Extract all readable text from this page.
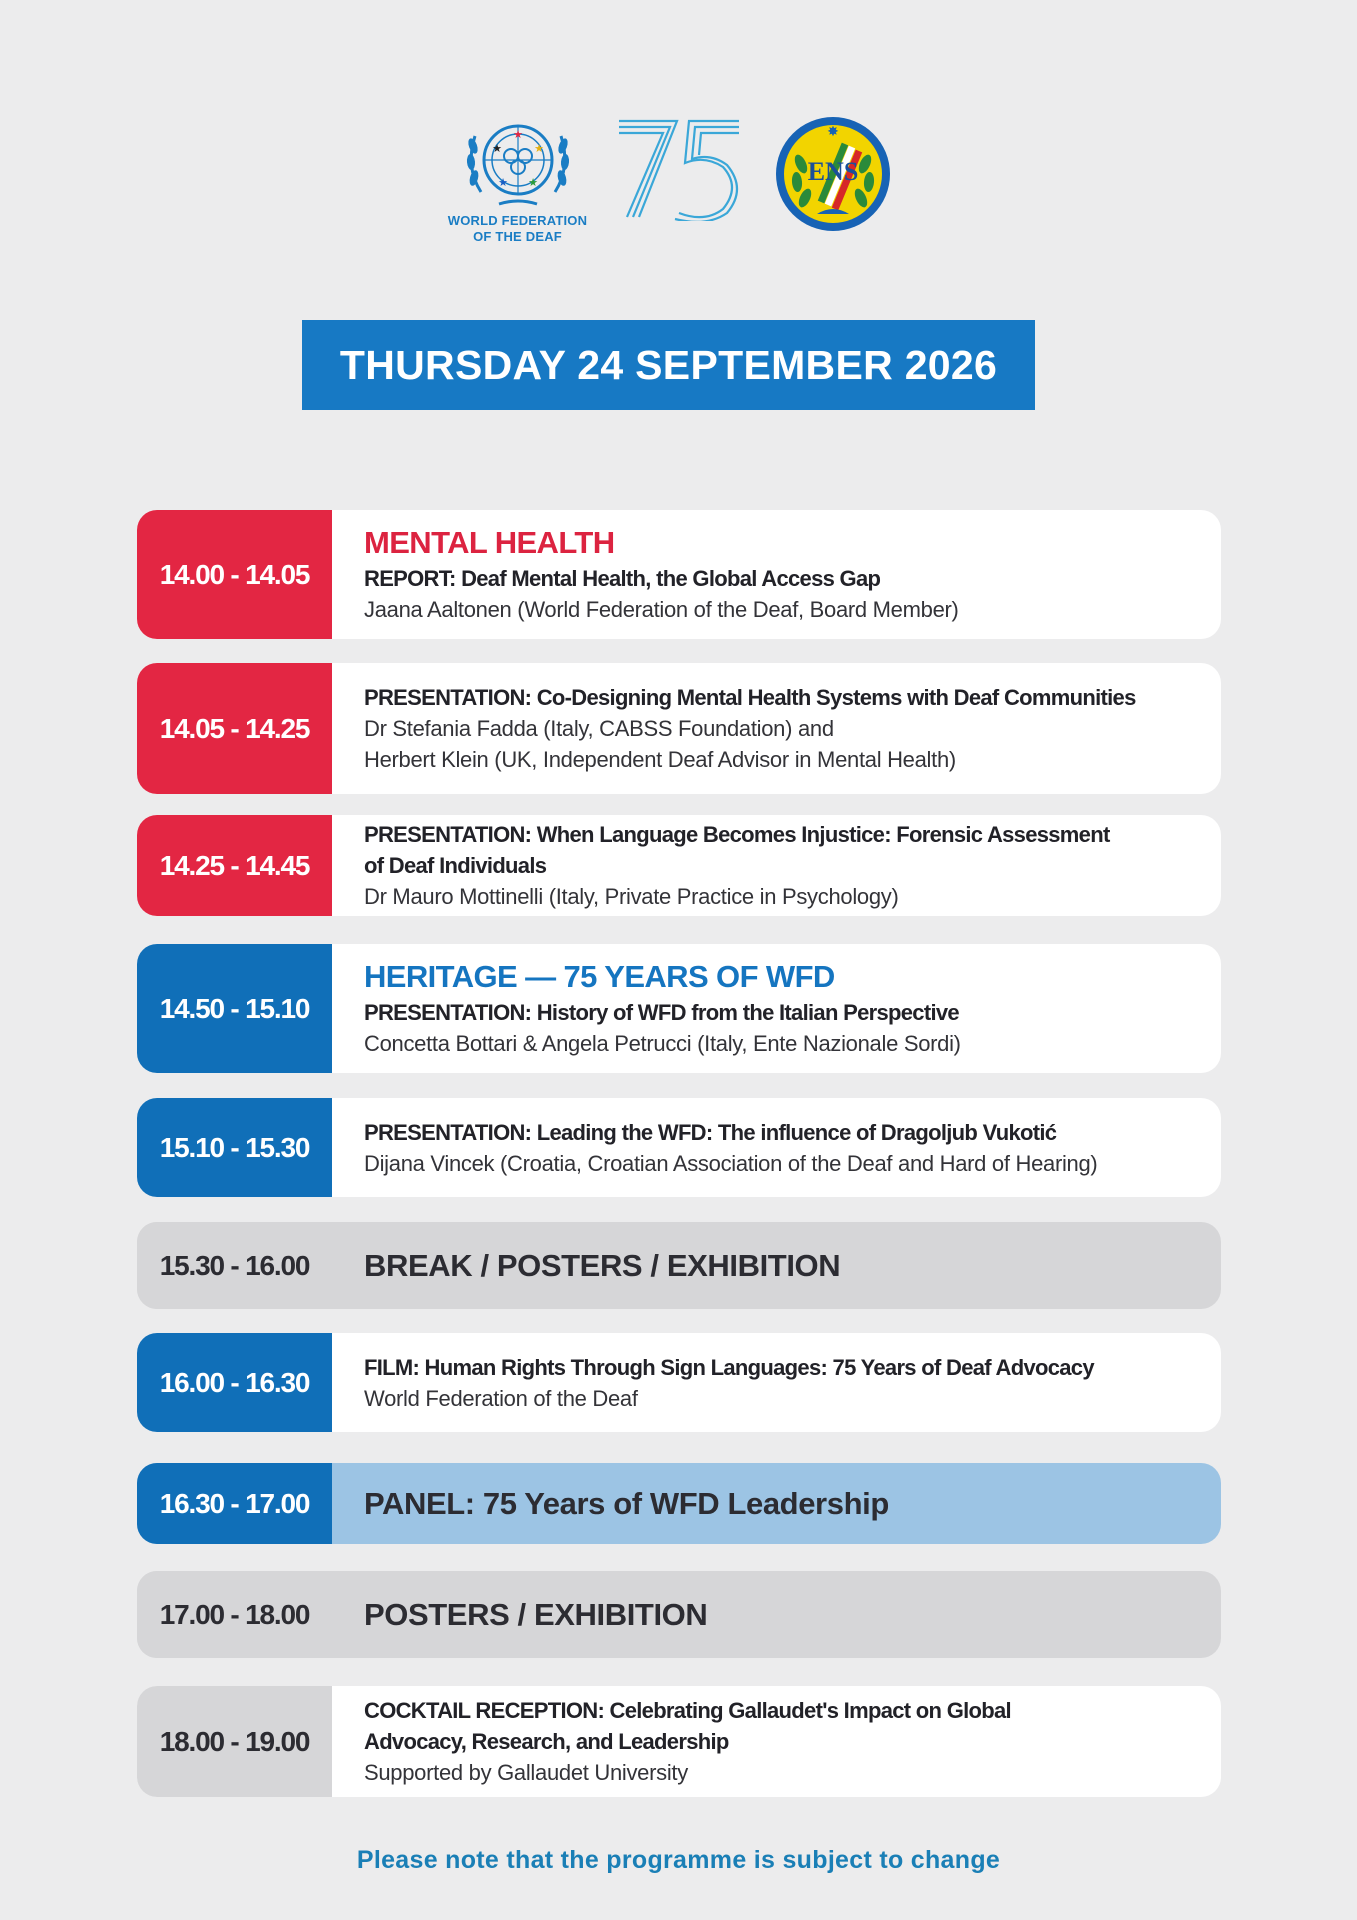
★
★	★
★ ★
WORLD FEDERATION
OF THE DEAF
75
ENS
✸
THURSDAY 24 SEPTEMBER 2026
14.00 - 14.05
MENTAL HEALTH
REPORT: Deaf Mental Health, the Global Access Gap
Jaana Aaltonen (World Federation of the Deaf, Board Member)
14.05 - 14.25
PRESENTATION: Co-Designing Mental Health Systems with Deaf Communities
Dr Stefania Fadda (Italy, CABSS Foundation) and
Herbert Klein (UK, Independent Deaf Advisor in Mental Health)
14.25 - 14.45
PRESENTATION: When Language Becomes Injustice: Forensic Assessment
of Deaf Individuals
Dr Mauro Mottinelli (Italy, Private Practice in Psychology)
14.50 - 15.10
HERITAGE — 75 YEARS OF WFD
PRESENTATION: History of WFD from the Italian Perspective
Concetta Bottari & Angela Petrucci (Italy, Ente Nazionale Sordi)
15.10 - 15.30	PRESENTATION: Leading the WFD: The influence of Dragoljub Vukotić
Dijana Vincek (Croatia, Croatian Association of the Deaf and Hard of Hearing)
15.30 - 16.00	BREAK / POSTERS / EXHIBITION
16.00 - 16.30	FILM: Human Rights Through Sign Languages: 75 Years of Deaf Advocacy
World Federation of the Deaf
16.30 - 17.00	PANEL: 75 Years of WFD Leadership
17.00 - 18.00	POSTERS / EXHIBITION
18.00 - 19.00
COCKTAIL RECEPTION: Celebrating Gallaudet's Impact on Global
Advocacy, Research, and Leadership
Supported by Gallaudet University
Please note that the programme is subject to change
